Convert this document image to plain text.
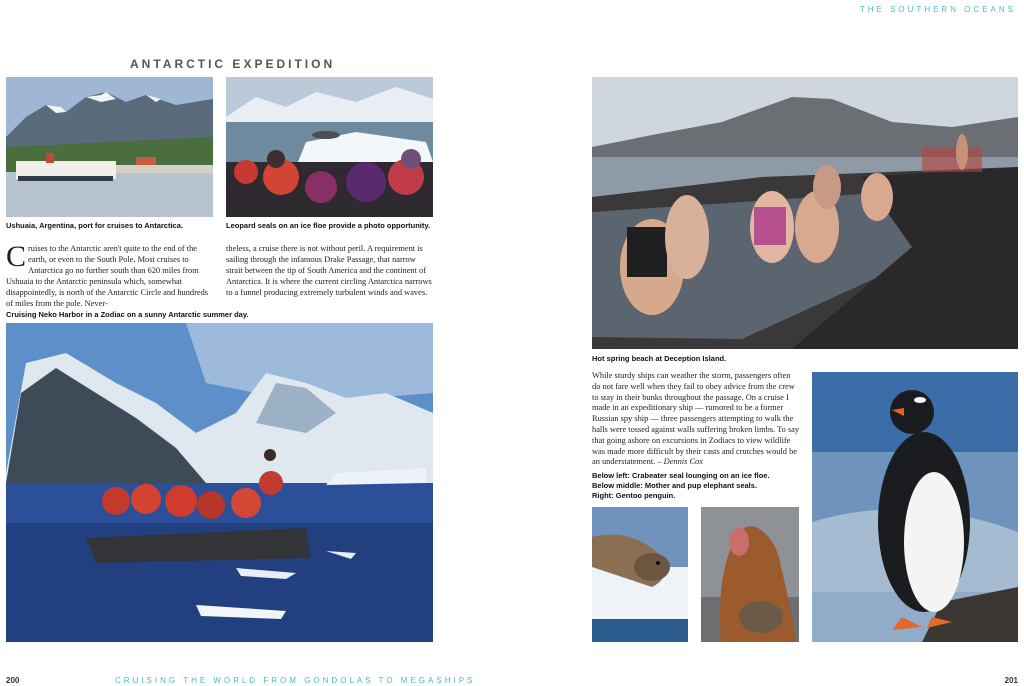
THE SOUTHERN OCEANS
CRUISING THE WORLD FROM GONDOLAS TO MEGASHIPS
200	201
ANTARCTIC EXPEDITION
Ushuaia, Argentina, port for cruises to Antarctica.	Leopard seals on an ice floe provide a photo opportunity.

Cruises to the Antarctic aren't quite to the end of the earth, or even to the South Pole. Most cruises to Antarctica go no further south than 620 miles from Ushuaia to the Antarctic peninsula which, somewhat disappointedly, is north of the Antarctic Circle and hundreds of miles from the pole. Never-

theless, a cruise there is not without peril. A requirement is sailing through the infamous Drake Passage, that narrow strait between the tip of South America and the continent of Antarctica. It is where the current circling Antarctica narrows to a funnel producing extremely turbulent winds and waves.

Cruising Neko Harbor in a Zodiac on a sunny Antarctic summer day.
Hot spring beach at Deception Island.

While sturdy ships can weather the storm, passengers often do not fare well when they fail to obey advice from the crew to stay in their bunks throughout the passage. On a cruise I made in an expeditionary ship — rumored to be a former Russian spy ship — three passengers attempting to walk the halls were tossed against walls suffering broken limbs. To say that going ashore on excursions in Zodiacs to view wildlife was made more difficult by their casts and crutches would be an understatement. – Dennis Cox

Below left: Crabeater seal lounging on an ice floe.
Below middle: Mother and pup elephant seals.
Right: Gentoo penguin.
